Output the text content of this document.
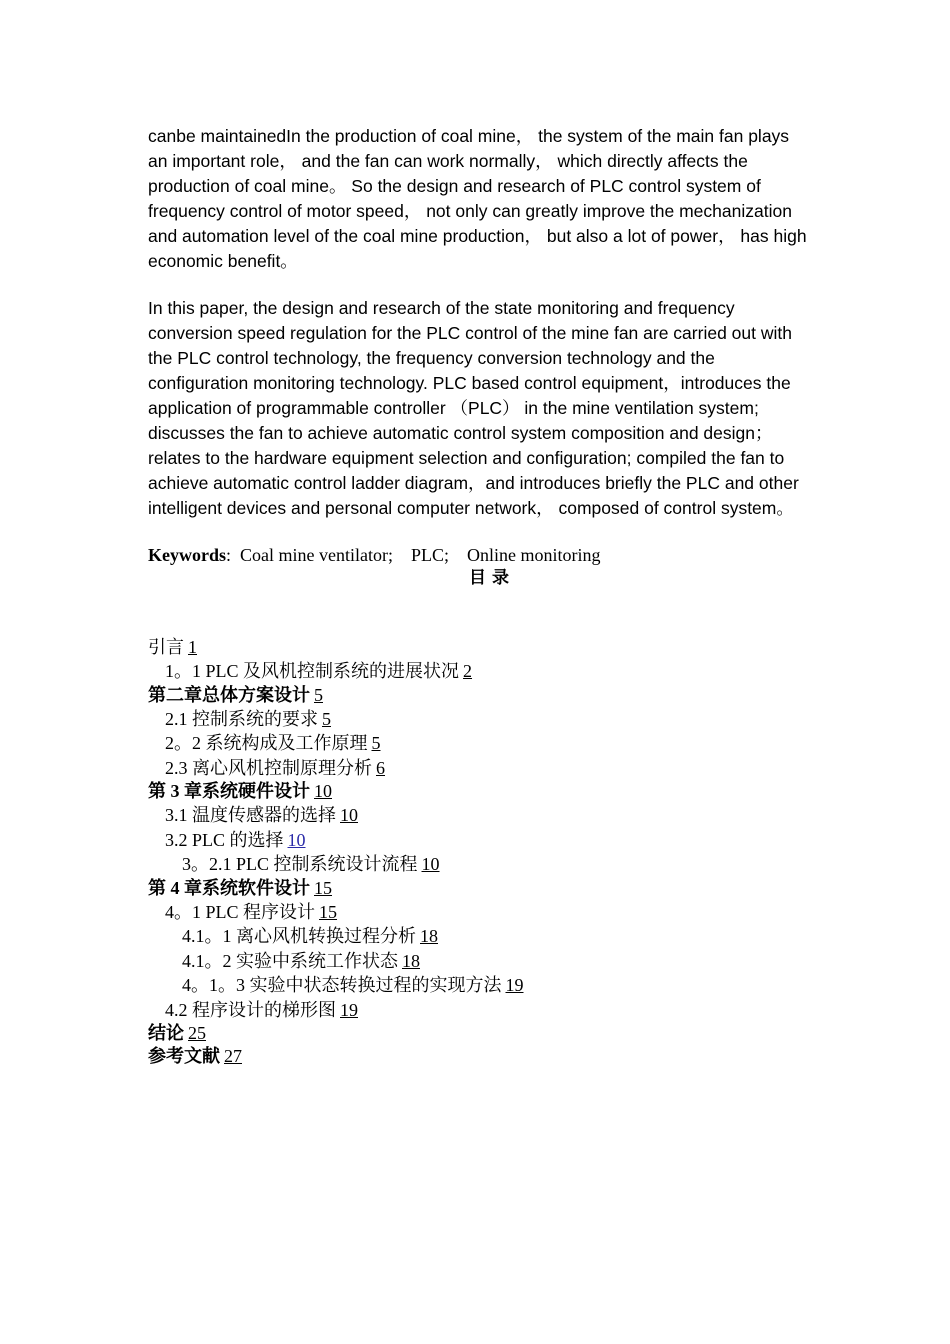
canbe maintainedIn the production of coal mine， the system of the main fan plays an important role， and the fan can work normally， which directly affects the production of coal mine。 So the design and research of PLC control system of frequency control of motor speed， not only can greatly improve the mechanization and automation level of the coal mine production， but also a lot of power， has high economic benefit。

In this paper, the design and research of the state monitoring and frequency conversion speed regulation for the PLC control of the mine fan are carried out with the PLC control technology, the frequency conversion technology and the configuration monitoring technology. PLC based control equipment，introduces the application of programmable controller （PLC） in the mine ventilation system; discusses the fan to achieve automatic control system composition and design； relates to the hardware equipment selection and configuration; compiled the fan to achieve automatic control ladder diagram，and introduces briefly the PLC and other intelligent devices and personal computer network， composed of control system。

Keywords: Coal mine ventilator;　PLC;　Online monitoring
目 录
引言 1
1。1 PLC 及风机控制系统的进展状况 2
第二章总体方案设计 5
2.1 控制系统的要求 5
2。2 系统构成及工作原理 5
2.3 离心风机控制原理分析 6
第 3 章系统硬件设计 10
3.1 温度传感器的选择 10
3.2 PLC 的选择 10
3。2.1 PLC 控制系统设计流程 10
第 4 章系统软件设计 15
4。1 PLC 程序设计 15
4.1。1 离心风机转换过程分析 18
4.1。2 实验中系统工作状态 18
4。1。3 实验中状态转换过程的实现方法 19
4.2 程序设计的梯形图 19
结论 25
参考文献 27
